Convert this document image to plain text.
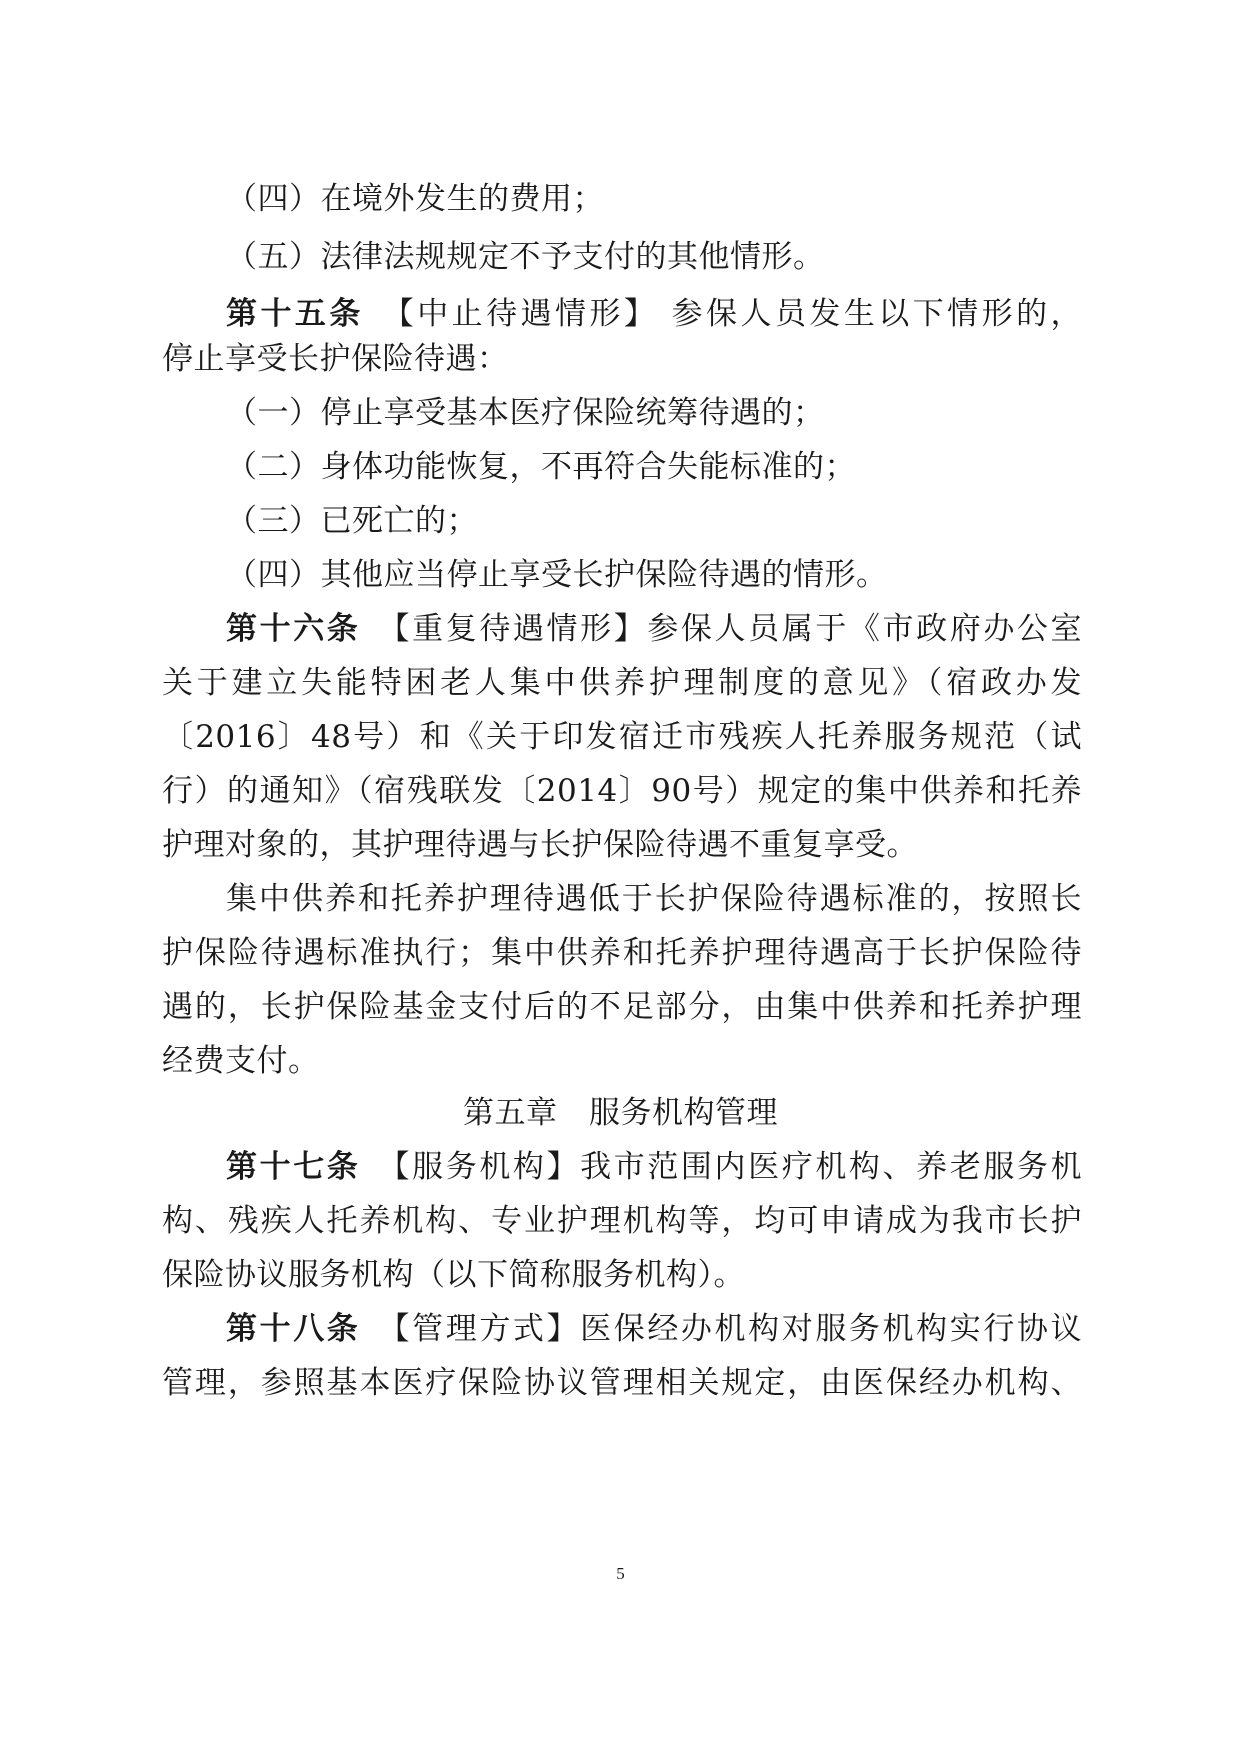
（四）在境外发生的费用；
（五）法律法规规定不予支付的其他情形。
第十五条　 【中止待遇情形】 参保人员发生以下情形的，
停止享受长护保险待遇：
（一）停止享受基本医疗保险统筹待遇的；
（二）身体功能恢复，不再符合失能标准的；
（三）已死亡的；
（四）其他应当停止享受长护保险待遇的情形。
第十六条　 【重复待遇情形】参保人员属于《市政府办公室
关于建立失能特困老人集中供养护理制度的意见》（宿政办发
〔2016〕48号）和《关于印发宿迁市残疾人托养服务规范（试
行）的通知》（宿残联发〔2014〕90号）规定的集中供养和托养
护理对象的，其护理待遇与长护保险待遇不重复享受。
集中供养和托养护理待遇低于长护保险待遇标准的，按照长
护保险待遇标准执行；集中供养和托养护理待遇高于长护保险待
遇的，长护保险基金支付后的不足部分，由集中供养和托养护理
经费支付。
第五章　服务机构管理
第十七条　 【服务机构】我市范围内医疗机构、养老服务机
构、残疾人托养机构、专业护理机构等，均可申请成为我市长护
保险协议服务机构（以下简称服务机构）。
第十八条　 【管理方式】医保经办机构对服务机构实行协议
管理，参照基本医疗保险协议管理相关规定，由医保经办机构、
5
